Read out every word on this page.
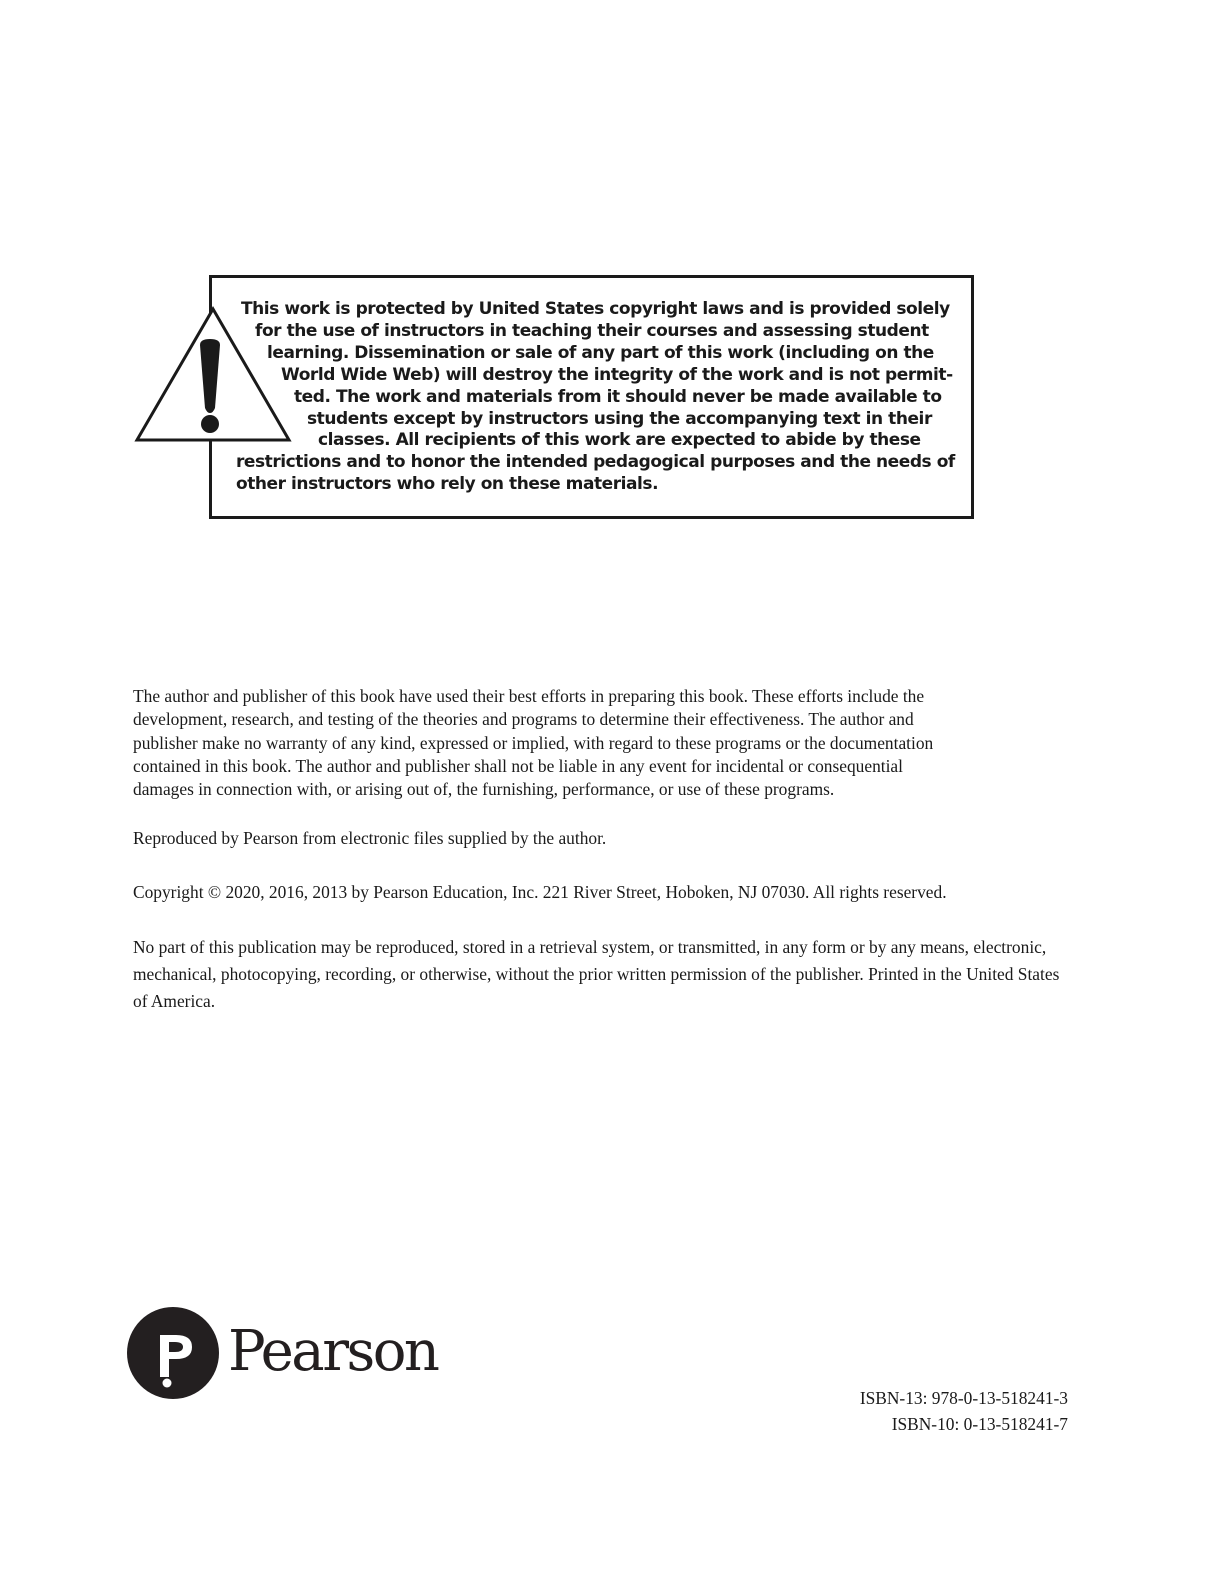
This work is protected by United States copyright laws and is provided solely
for the use of instructors in teaching their courses and assessing student
learning. Dissemination or sale of any part of this work (including on the
World Wide Web) will destroy the integrity of the work and is not permit-
ted. The work and materials from it should never be made available to
students except by instructors using the accompanying text in their
classes. All recipients of this work are expected to abide by these
restrictions and to honor the intended pedagogical purposes and the needs of
other instructors who rely on these materials.

The author and publisher of this book have used their best efforts in preparing this book. These efforts include the
development, research, and testing of the theories and programs to determine their effectiveness. The author and
publisher make no warranty of any kind, expressed or implied, with regard to these programs or the documentation
contained in this book. The author and publisher shall not be liable in any event for incidental or consequential
damages in connection with, or arising out of, the furnishing, performance, or use of these programs.

Reproduced by Pearson from electronic files supplied by the author.

Copyright © 2020, 2016, 2013 by Pearson Education, Inc. 221 River Street, Hoboken, NJ 07030. All rights reserved.

No part of this publication may be reproduced, stored in a retrieval system, or transmitted, in any form or by any means, electronic, mechanical, photocopying, recording, or otherwise, without the prior written permission of the publisher. Printed in the United States of America.

Pearson
ISBN-13: 978-0-13-518241-3
ISBN-10: 0-13-518241-7
